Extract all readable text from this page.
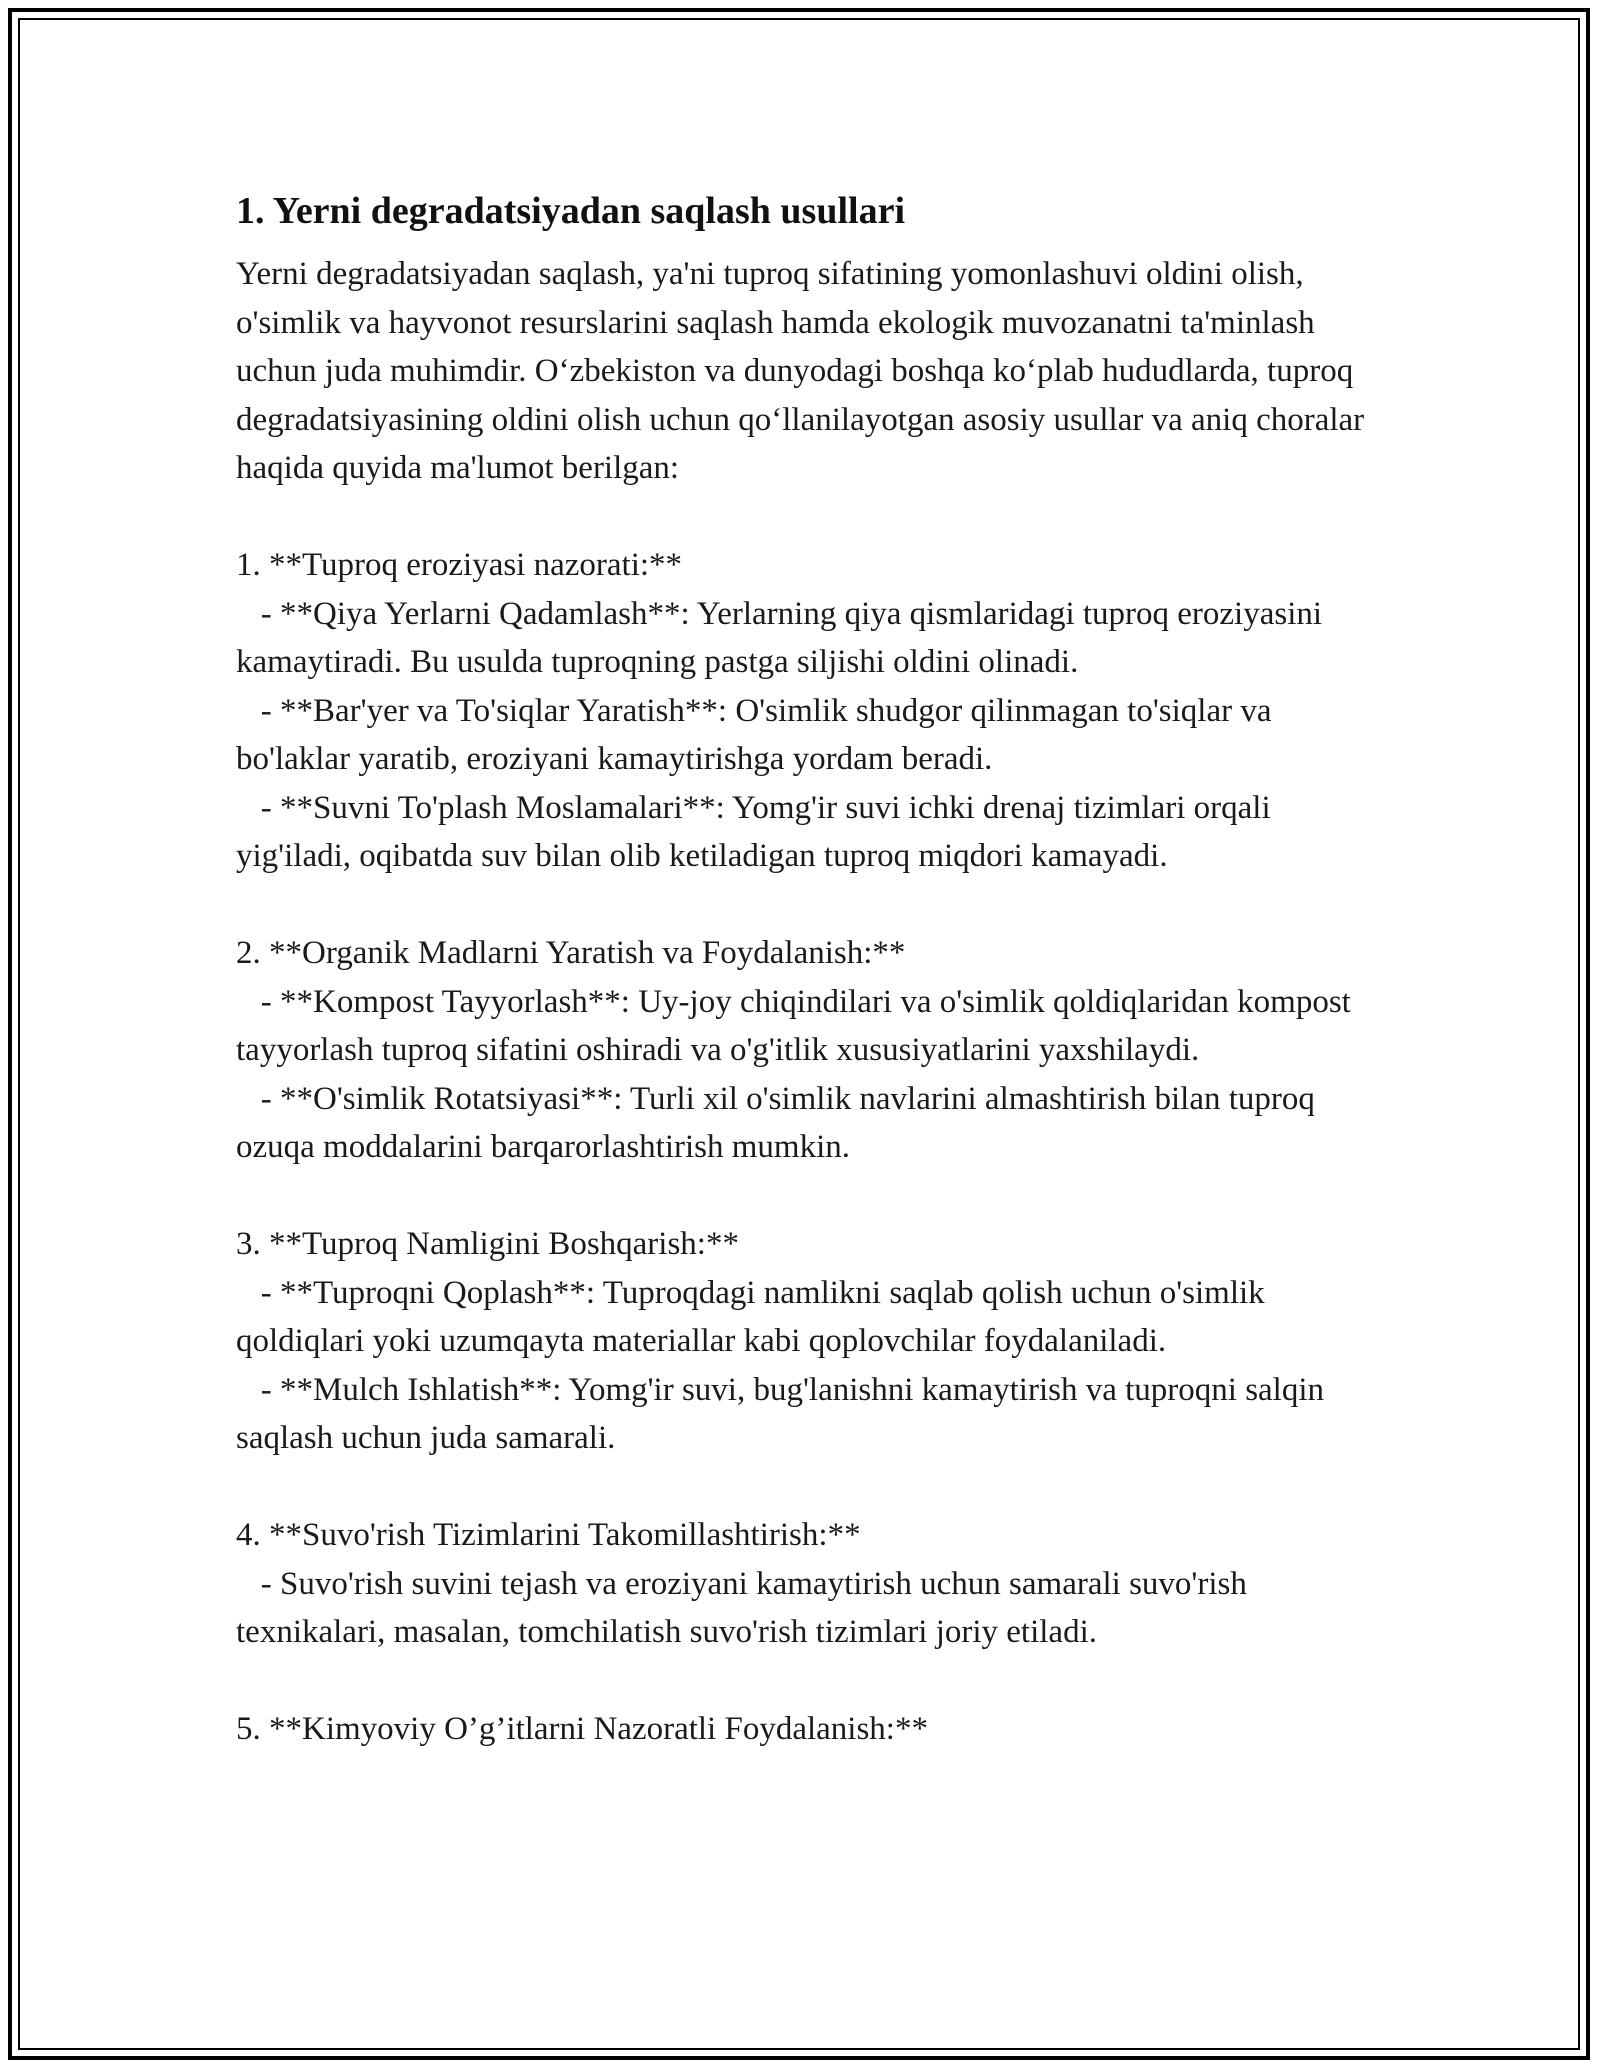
1. Yerni degradatsiyadan saqlash usullari

Yerni degradatsiyadan saqlash, ya'ni tuproq sifatining yomonlashuvi oldini olish, o'simlik va hayvonot resurslarini saqlash hamda ekologik muvozanatni ta'minlash uchun juda muhimdir. O‘zbekiston va dunyodagi boshqa ko‘plab hududlarda, tuproq degradatsiyasining oldini olish uchun qo‘llanilayotgan asosiy usullar va aniq choralar haqida quyida ma'lumot berilgan:

1. **Tuproq eroziyasi nazorati:**
- **Qiya Yerlarni Qadamlash**: Yerlarning qiya qismlaridagi tuproq eroziyasini kamaytiradi. Bu usulda tuproqning pastga siljishi oldini olinadi.
- **Bar'yer va To'siqlar Yaratish**: O'simlik shudgor qilinmagan to'siqlar va bo'laklar yaratib, eroziyani kamaytirishga yordam beradi.
- **Suvni To'plash Moslamalari**: Yomg'ir suvi ichki drenaj tizimlari orqali yig'iladi, oqibatda suv bilan olib ketiladigan tuproq miqdori kamayadi.
2. **Organik Madlarni Yaratish va Foydalanish:**
- **Kompost Tayyorlash**: Uy-joy chiqindilari va o'simlik qoldiqlaridan kompost tayyorlash tuproq sifatini oshiradi va o'g'itlik xususiyatlarini yaxshilaydi.
- **O'simlik Rotatsiyasi**: Turli xil o'simlik navlarini almashtirish bilan tuproq ozuqa moddalarini barqarorlashtirish mumkin.
3. **Tuproq Namligini Boshqarish:**
- **Tuproqni Qoplash**: Tuproqdagi namlikni saqlab qolish uchun o'simlik qoldiqlari yoki uzumqayta materiallar kabi qoplovchilar foydalaniladi.
- **Mulch Ishlatish**: Yomg'ir suvi, bug'lanishni kamaytirish va tuproqni salqin saqlash uchun juda samarali.
4. **Suvo'rish Tizimlarini Takomillashtirish:**
- Suvo'rish suvini tejash va eroziyani kamaytirish uchun samarali suvo'rish texnikalari, masalan, tomchilatish suvo'rish tizimlari joriy etiladi.
5. **Kimyoviy O’g’itlarni Nazoratli Foydalanish:**
